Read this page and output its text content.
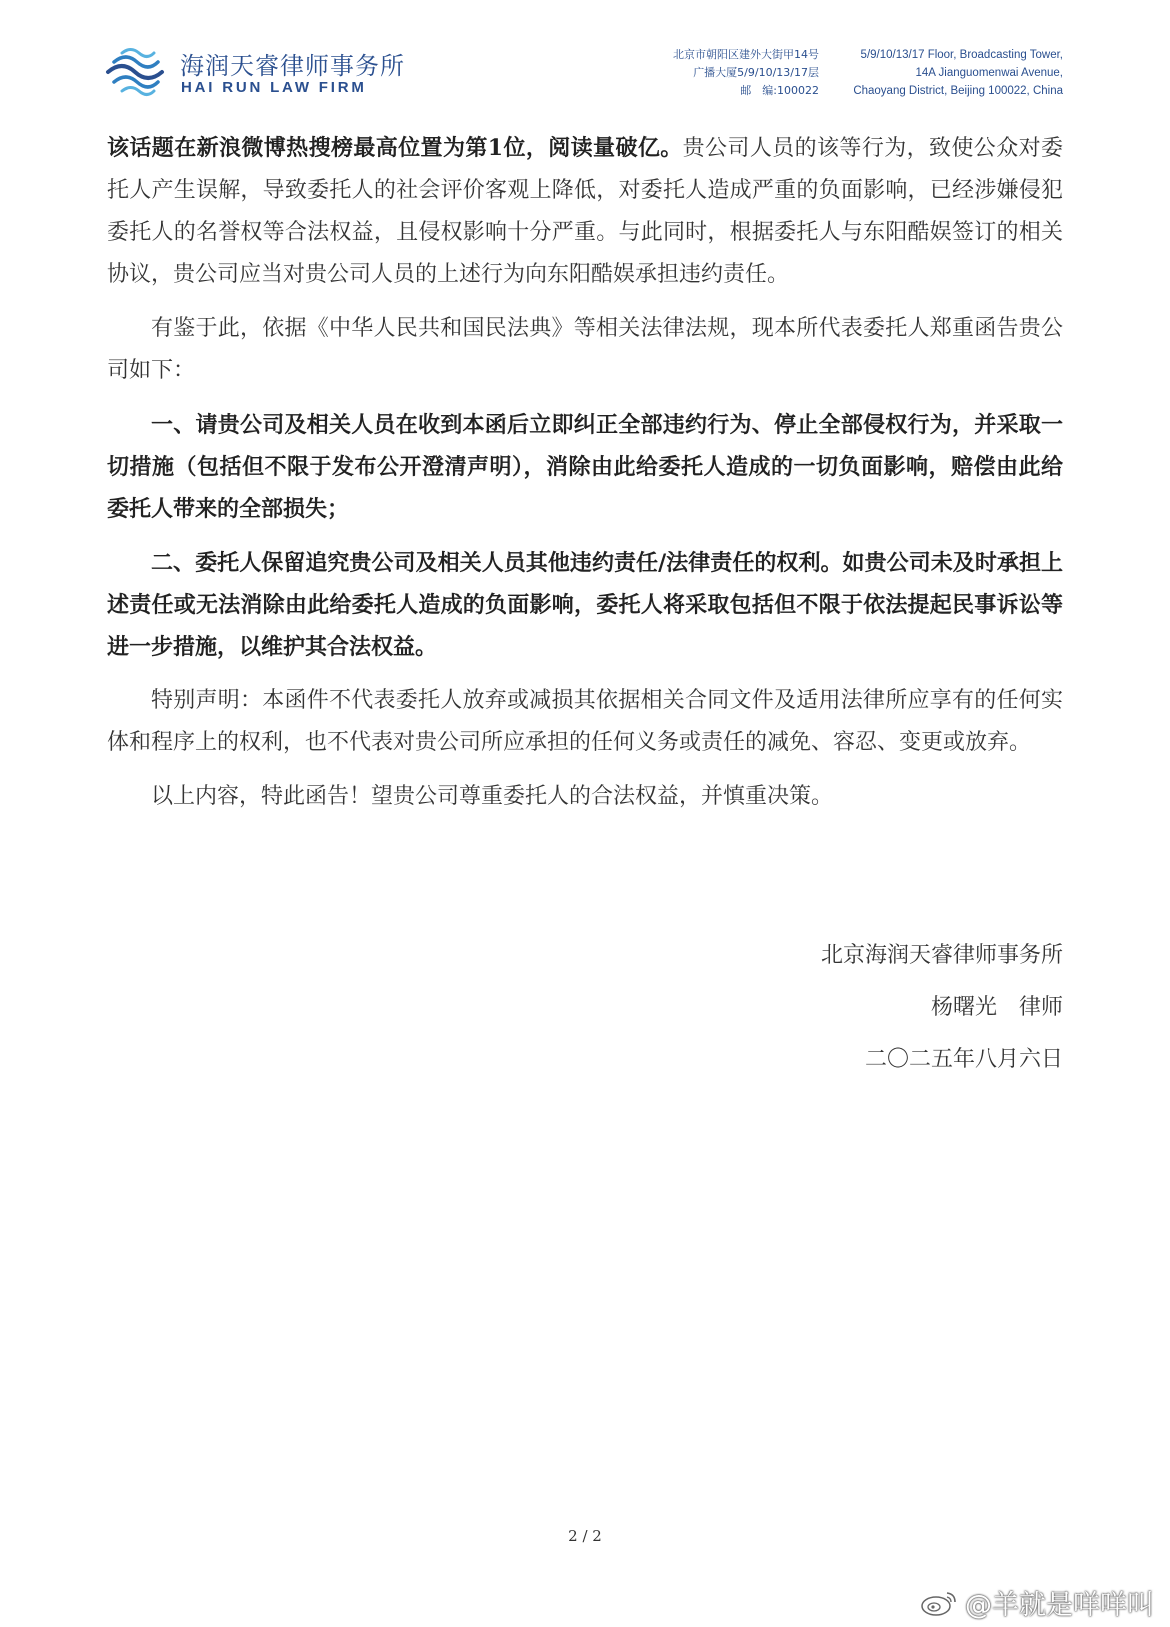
海润天睿律师事务所
HAI RUN LAW FIRM
北京市朝阳区建外大街甲14号
广播大厦5/9/10/13/17层
邮　编:100022
5/9/10/13/17 Floor, Broadcasting Tower,
14A Jianguomenwai Avenue,
Chaoyang District, Beijing 100022, China

该话题在新浪微博热搜榜最高位置为第1位，阅读量破亿。贵公司人员的该等行为，致使公众对委托人产生误解，导致委托人的社会评价客观上降低，对委托人造成严重的负面影响，已经涉嫌侵犯委托人的名誉权等合法权益，且侵权影响十分严重。与此同时，根据委托人与东阳酷娱签订的相关协议，贵公司应当对贵公司人员的上述行为向东阳酷娱承担违约责任。

有鉴于此，依据《中华人民共和国民法典》等相关法律法规，现本所代表委托人郑重函告贵公司如下：

一、请贵公司及相关人员在收到本函后立即纠正全部违约行为、停止全部侵权行为，并采取一切措施（包括但不限于发布公开澄清声明），消除由此给委托人造成的一切负面影响，赔偿由此给委托人带来的全部损失；

二、委托人保留追究贵公司及相关人员其他违约责任/法律责任的权利。如贵公司未及时承担上述责任或无法消除由此给委托人造成的负面影响，委托人将采取包括但不限于依法提起民事诉讼等进一步措施，以维护其合法权益。

特别声明：本函件不代表委托人放弃或减损其依据相关合同文件及适用法律所应享有的任何实体和程序上的权利，也不代表对贵公司所应承担的任何义务或责任的减免、容忍、变更或放弃。

以上内容，特此函告！望贵公司尊重委托人的合法权益，并慎重决策。

北京海润天睿律师事务所
杨曙光　律师
二〇二五年八月六日
2 / 2
@羊就是咩咩叫
